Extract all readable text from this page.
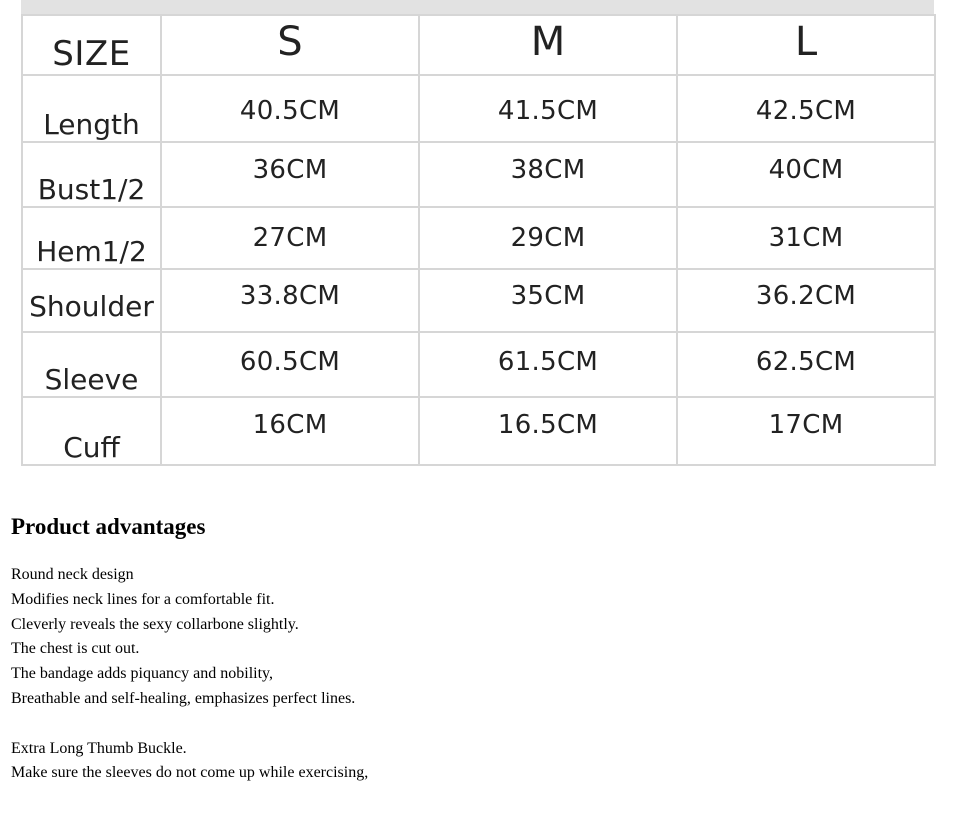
SIZE	S	M	L
Length	40.5CM	41.5CM	42.5CM
Bust1/2	36CM	38CM	40CM
Hem1/2	27CM	29CM	31CM
Shoulder	33.8CM	35CM	36.2CM
Sleeve	60.5CM	61.5CM	62.5CM
Cuff	16CM	16.5CM	17CM
Product advantages
Round neck design
Modifies neck lines for a comfortable fit.
Cleverly reveals the sexy collarbone slightly.
The chest is cut out.
The bandage adds piquancy and nobility,
Breathable and self-healing, emphasizes perfect lines.
Extra Long Thumb Buckle.
Make sure the sleeves do not come up while exercising,
